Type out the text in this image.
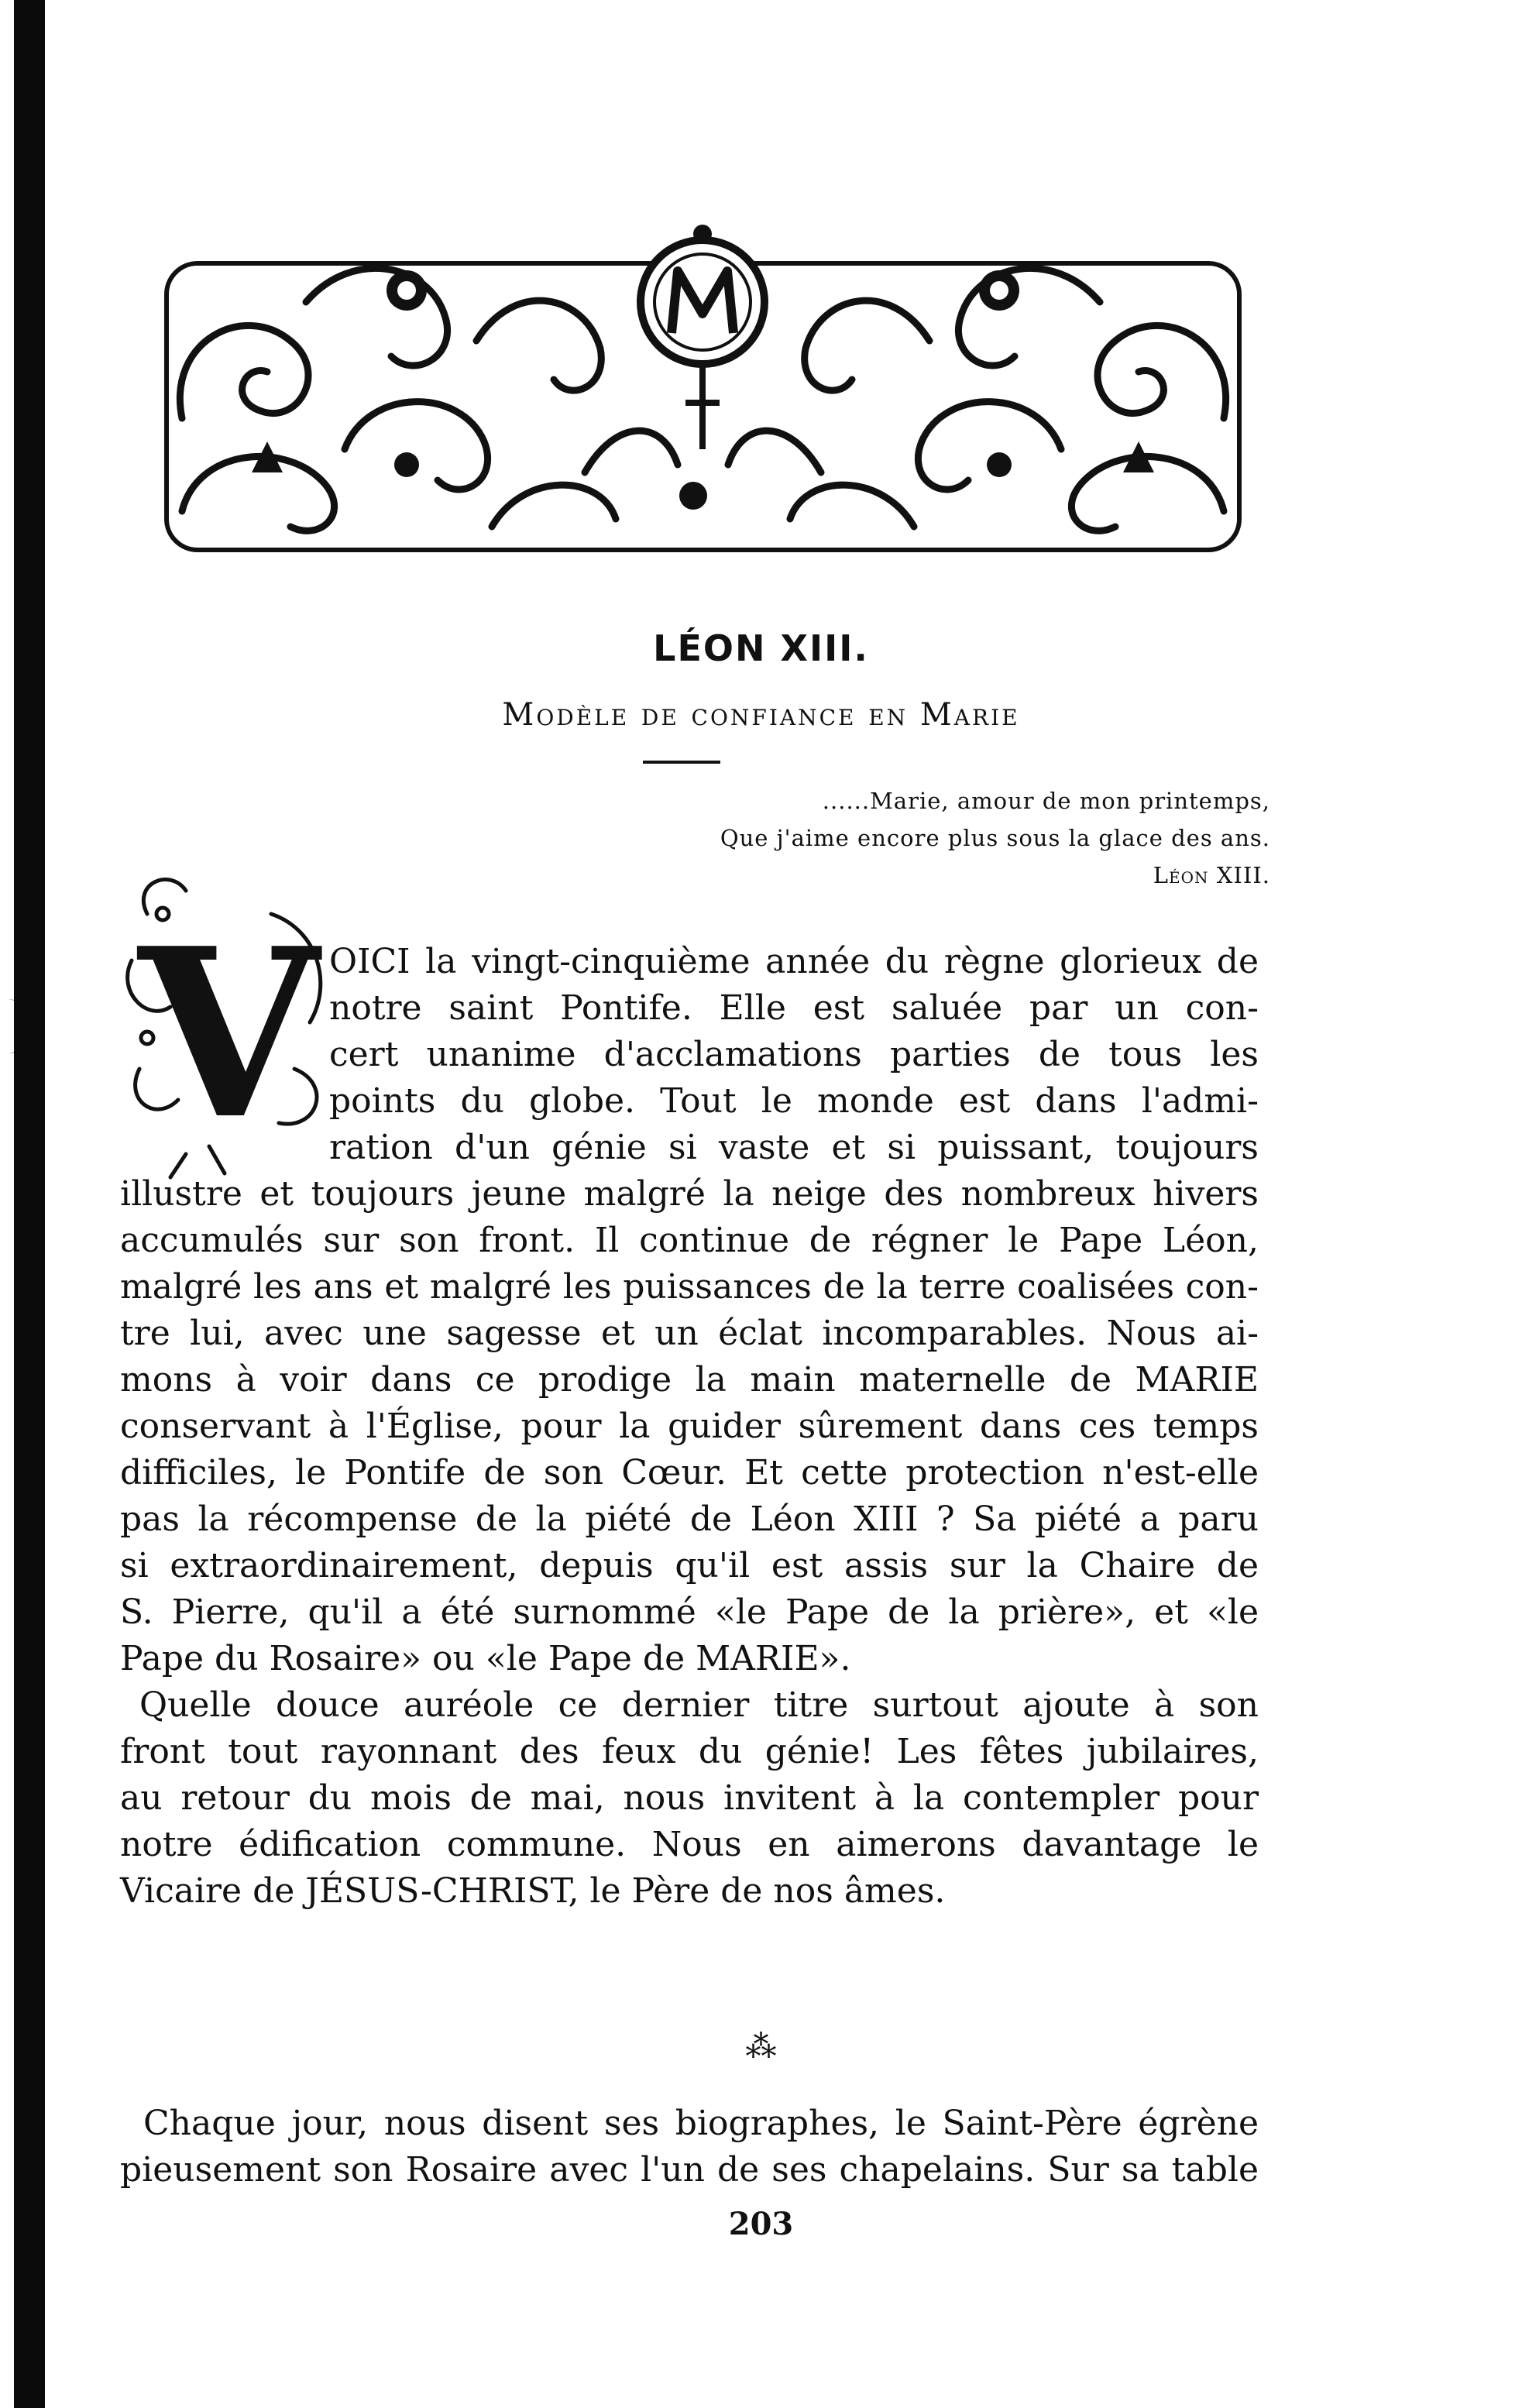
LÉON XIII.
Modèle de confiance en Marie
......Marie, amour de mon printemps,
Que j'aime encore plus sous la glace des ans.
Léon XIII.
V OICI la vingt-cinquième année du règne glorieux de
notre saint Pontife. Elle est saluée par un con-
cert unanime d'acclamations parties de tous les
points du globe. Tout le monde est dans l'admi-
ration d'un génie si vaste et si puissant, toujours
illustre et toujours jeune malgré la neige des nombreux hivers
accumulés sur son front. Il continue de régner le Pape Léon,
malgré les ans et malgré les puissances de la terre coalisées con-
tre lui, avec une sagesse et un éclat incomparables. Nous ai-
mons à voir dans ce prodige la main maternelle de MARIE
conservant à l'Église, pour la guider sûrement dans ces temps
difficiles, le Pontife de son Cœur. Et cette protection n'est-elle
pas la récompense de la piété de Léon XIII ? Sa piété a paru
si extraordinairement, depuis qu'il est assis sur la Chaire de
S. Pierre, qu'il a été surnommé «le Pape de la prière», et «le
Pape du Rosaire» ou «le Pape de MARIE».
Quelle douce auréole ce dernier titre surtout ajoute à son
front tout rayonnant des feux du génie! Les fêtes jubilaires,
au retour du mois de mai, nous invitent à la contempler pour
notre édification commune. Nous en aimerons davantage le
Vicaire de JÉSUS-CHRIST, le Père de nos âmes.
⁂
Chaque jour, nous disent ses biographes, le Saint-Père égrène
pieusement son Rosaire avec l'un de ses chapelains. Sur sa table
203
